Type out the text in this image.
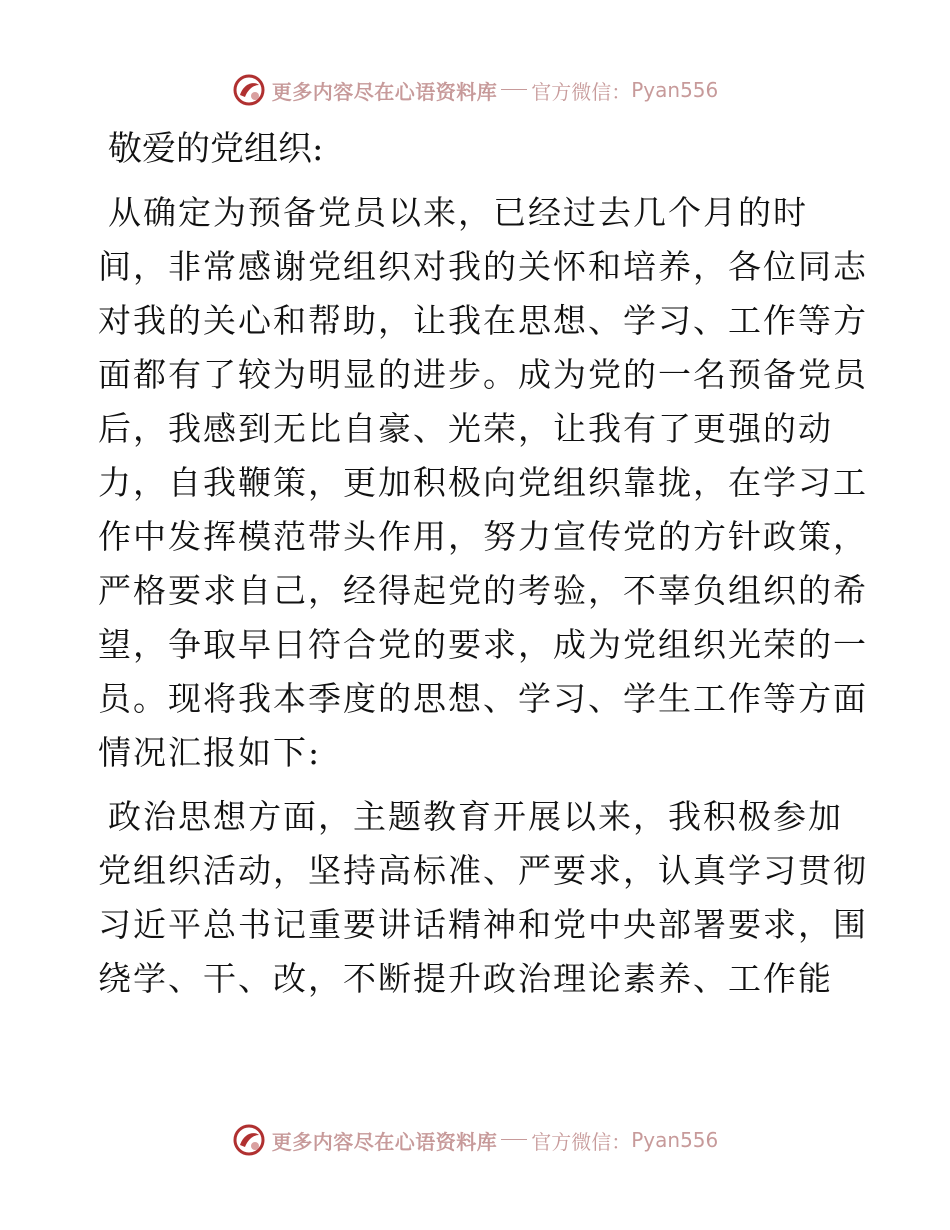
更多内容尽在心语资料库 官方微信： Pyan556
敬爱的党组织:
从确定为预备党员以来，已经过去几个月的时
间，非常感谢党组织对我的关怀和培养，各位同志
对我的关心和帮助，让我在思想、学习、工作等方
面都有了较为明显的进步。成为党的一名预备党员
后，我感到无比自豪、光荣，让我有了更强的动
力，自我鞭策，更加积极向党组织靠拢，在学习工
作中发挥模范带头作用，努力宣传党的方针政策，
严格要求自己，经得起党的考验，不辜负组织的希
望，争取早日符合党的要求，成为党组织光荣的一
员。现将我本季度的思想、学习、学生工作等方面
情况汇报如下:
政治思想方面，主题教育开展以来，我积极参加
党组织活动，坚持高标准、严要求，认真学习贯彻
习近平总书记重要讲话精神和党中央部署要求，围
绕学、干、改，不断提升政治理论素养、工作能
更多内容尽在心语资料库 官方微信： Pyan556
